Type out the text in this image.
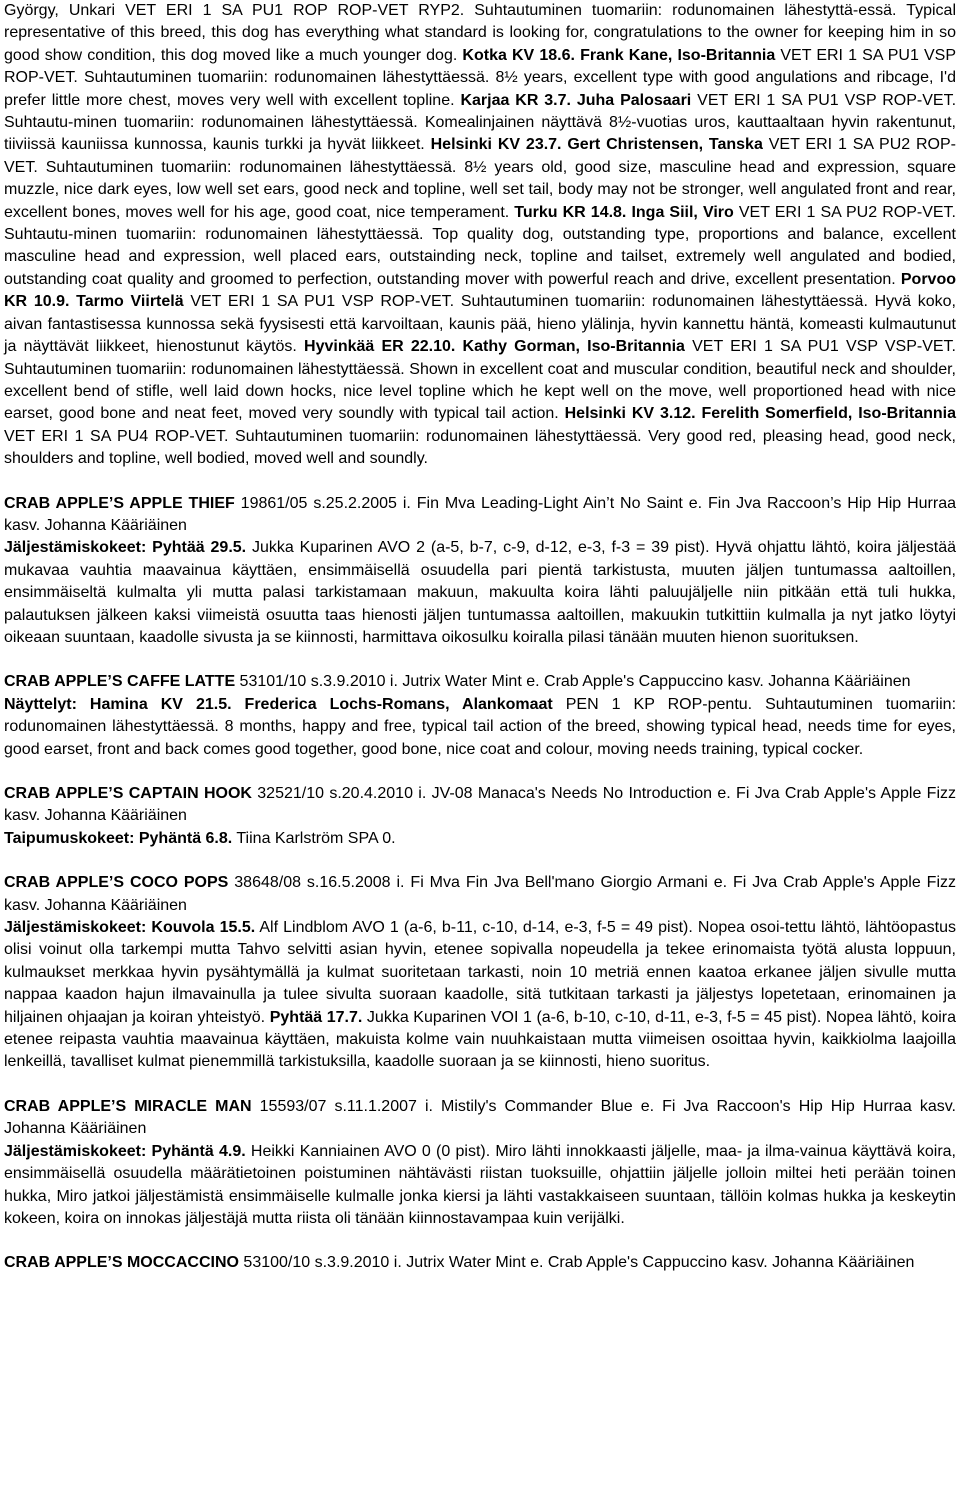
György, Unkari VET ERI 1 SA PU1 ROP ROP-VET RYP2. Suhtautuminen tuomariin: rodunomainen lähestyttä-essä. Typical representative of this breed, this dog has everything what standard is looking for, congratulations to the owner for keeping him in so good show condition, this dog moved like a much younger dog. Kotka KV 18.6. Frank Kane, Iso-Britannia VET ERI 1 SA PU1 VSP ROP-VET. Suhtautuminen tuomariin: rodunomainen lähestyttäessä. 8½ years, excellent type with good angulations and ribcage, I'd prefer little more chest, moves very well with excellent topline. Karjaa KR 3.7. Juha Palosaari VET ERI 1 SA PU1 VSP ROP-VET. Suhtautu-minen tuomariin: rodunomainen lähestyttäessä. Komealinjainen näyttävä 8½-vuotias uros, kauttaaltaan hyvin rakentunut, tiiviissä kauniissa kunnossa, kaunis turkki ja hyvät liikkeet. Helsinki KV 23.7. Gert Christensen, Tanska VET ERI 1 SA PU2 ROP-VET. Suhtautuminen tuomariin: rodunomainen lähestyttäessä. 8½ years old, good size, masculine head and expression, square muzzle, nice dark eyes, low well set ears, good neck and topline, well set tail, body may not be stronger, well angulated front and rear, excellent bones, moves well for his age, good coat, nice temperament. Turku KR 14.8. Inga Siil, Viro VET ERI 1 SA PU2 ROP-VET. Suhtautu-minen tuomariin: rodunomainen lähestyttäessä. Top quality dog, outstanding type, proportions and balance, excellent masculine head and expression, well placed ears, outstainding neck, topline and tailset, extremely well angulated and bodied, outstanding coat quality and groomed to perfection, outstanding mover with powerful reach and drive, excellent presentation. Porvoo KR 10.9. Tarmo Viirtelä VET ERI 1 SA PU1 VSP ROP-VET. Suhtautuminen tuomariin: rodunomainen lähestyttäessä. Hyvä koko, aivan fantastisessa kunnossa sekä fyysisesti että karvoiltaan, kaunis pää, hieno ylälinja, hyvin kannettu häntä, komeasti kulmautunut ja näyttävät liikkeet, hienostunut käytös. Hyvinkää ER 22.10. Kathy Gorman, Iso-Britannia VET ERI 1 SA PU1 VSP VSP-VET. Suhtautuminen tuomariin: rodunomainen lähestyttäessä. Shown in excellent coat and muscular condition, beautiful neck and shoulder, excellent bend of stifle, well laid down hocks, nice level topline which he kept well on the move, well proportioned head with nice earset, good bone and neat feet, moved very soundly with typical tail action. Helsinki KV 3.12. Ferelith Somerfield, Iso-Britannia VET ERI 1 SA PU4 ROP-VET. Suhtautuminen tuomariin: rodunomainen lähestyttäessä. Very good red, pleasing head, good neck, shoulders and topline, well bodied, moved well and soundly.

CRAB APPLE’S APPLE THIEF 19861/05 s.25.2.2005 i. Fin Mva Leading-Light Ain’t No Saint e. Fin Jva Raccoon’s Hip Hip Hurraa kasv. Johanna Kääriäinen

Jäljestämiskokeet: Pyhtää 29.5. Jukka Kuparinen AVO 2 (a-5, b-7, c-9, d-12, e-3, f-3 = 39 pist). Hyvä ohjattu lähtö, koira jäljestää mukavaa vauhtia maavainua käyttäen, ensimmäisellä osuudella pari pientä tarkistusta, muuten jäljen tuntumassa aaltoillen, ensimmäiseltä kulmalta yli mutta palasi tarkistamaan makuun, makuulta koira lähti paluujäljelle niin pitkään että tuli hukka, palautuksen jälkeen kaksi viimeistä osuutta taas hienosti jäljen tuntumassa aaltoillen, makuukin tutkittiin kulmalla ja nyt jatko löytyi oikeaan suuntaan, kaadolle sivusta ja se kiinnosti, harmittava oikosulku koiralla pilasi tänään muuten hienon suorituksen.

CRAB APPLE’S CAFFE LATTE 53101/10 s.3.9.2010 i. Jutrix Water Mint e. Crab Apple's Cappuccino kasv. Johanna Kääriäinen

Näyttelyt: Hamina KV 21.5. Frederica Lochs-Romans, Alankomaat PEN 1 KP ROP-pentu. Suhtautuminen tuomariin: rodunomainen lähestyttäessä. 8 months, happy and free, typical tail action of the breed, showing typical head, needs time for eyes, good earset, front and back comes good together, good bone, nice coat and colour, moving needs training, typical cocker.

CRAB APPLE’S CAPTAIN HOOK 32521/10 s.20.4.2010 i. JV-08 Manaca's Needs No Introduction e. Fi Jva Crab Apple's Apple Fizz kasv. Johanna Kääriäinen

Taipumuskokeet: Pyhäntä 6.8. Tiina Karlström SPA 0.

CRAB APPLE’S COCO POPS 38648/08 s.16.5.2008 i. Fi Mva Fin Jva Bell'mano Giorgio Armani e. Fi Jva Crab Apple's Apple Fizz kasv. Johanna Kääriäinen

Jäljestämiskokeet: Kouvola 15.5. Alf Lindblom AVO 1 (a-6, b-11, c-10, d-14, e-3, f-5 = 49 pist). Nopea osoi-tettu lähtö, lähtöopastus olisi voinut olla tarkempi mutta Tahvo selvitti asian hyvin, etenee sopivalla nopeudella ja tekee erinomaista työtä alusta loppuun, kulmaukset merkkaa hyvin pysähtymällä ja kulmat suoritetaan tarkasti, noin 10 metriä ennen kaatoa erkanee jäljen sivulle mutta nappaa kaadon hajun ilmavainulla ja tulee sivulta suoraan kaadolle, sitä tutkitaan tarkasti ja jäljestys lopetetaan, erinomainen ja hiljainen ohjaajan ja koiran yhteistyö. Pyhtää 17.7. Jukka Kuparinen VOI 1 (a-6, b-10, c-10, d-11, e-3, f-5 = 45 pist). Nopea lähtö, koira etenee reipasta vauhtia maavainua käyttäen, makuista kolme vain nuuhkaistaan mutta viimeisen osoittaa hyvin, kaikkiolma laajoilla lenkeillä, tavalliset kulmat pienemmillä tarkistuksilla, kaadolle suoraan ja se kiinnosti, hieno suoritus.

CRAB APPLE’S MIRACLE MAN 15593/07 s.11.1.2007 i. Mistily's Commander Blue e. Fi Jva Raccoon's Hip Hip Hurraa kasv. Johanna Kääriäinen

Jäljestämiskokeet: Pyhäntä 4.9. Heikki Kanniainen AVO 0 (0 pist). Miro lähti innokkaasti jäljelle, maa- ja ilma-vainua käyttävä koira, ensimmäisellä osuudella määrätietoinen poistuminen nähtävästi riistan tuoksuille, ohjattiin jäljelle jolloin miltei heti perään toinen hukka, Miro jatkoi jäljestämistä ensimmäiselle kulmalle jonka kiersi ja lähti vastakkaiseen suuntaan, tällöin kolmas hukka ja keskeytin kokeen, koira on innokas jäljestäjä mutta riista oli tänään kiinnostavampaa kuin verijälki.

CRAB APPLE’S MOCCACCINO 53100/10 s.3.9.2010 i. Jutrix Water Mint e. Crab Apple's Cappuccino kasv. Johanna Kääriäinen
